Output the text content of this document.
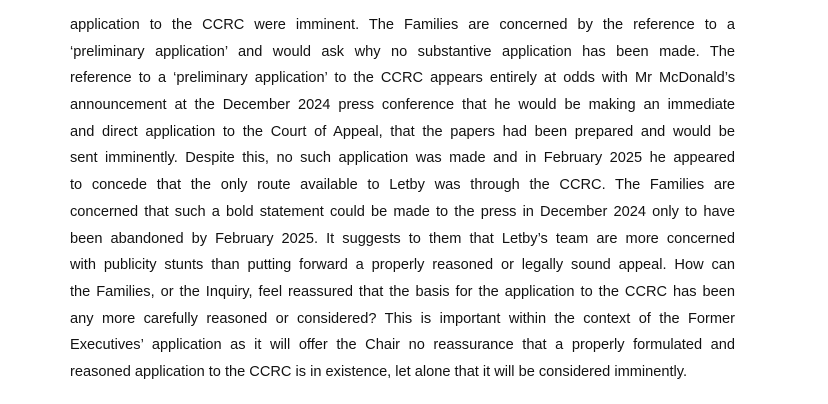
application to the CCRC were imminent. The Families are concerned by the reference to a
‘preliminary application’ and would ask why no substantive application has been made. The
reference to a ‘preliminary application’ to the CCRC appears entirely at odds with Mr McDonald’s
announcement at the December 2024 press conference that he would be making an immediate
and direct application to the Court of Appeal, that the papers had been prepared and would be
sent imminently. Despite this, no such application was made and in February 2025 he appeared
to concede that the only route available to Letby was through the CCRC. The Families are
concerned that such a bold statement could be made to the press in December 2024 only to have
been abandoned by February 2025. It suggests to them that Letby’s team are more concerned
with publicity stunts than putting forward a properly reasoned or legally sound appeal. How can
the Families, or the Inquiry, feel reassured that the basis for the application to the CCRC has been
any more carefully reasoned or considered? This is important within the context of the Former
Executives’ application as it will offer the Chair no reassurance that a properly formulated and
reasoned application to the CCRC is in existence, let alone that it will be considered imminently.
